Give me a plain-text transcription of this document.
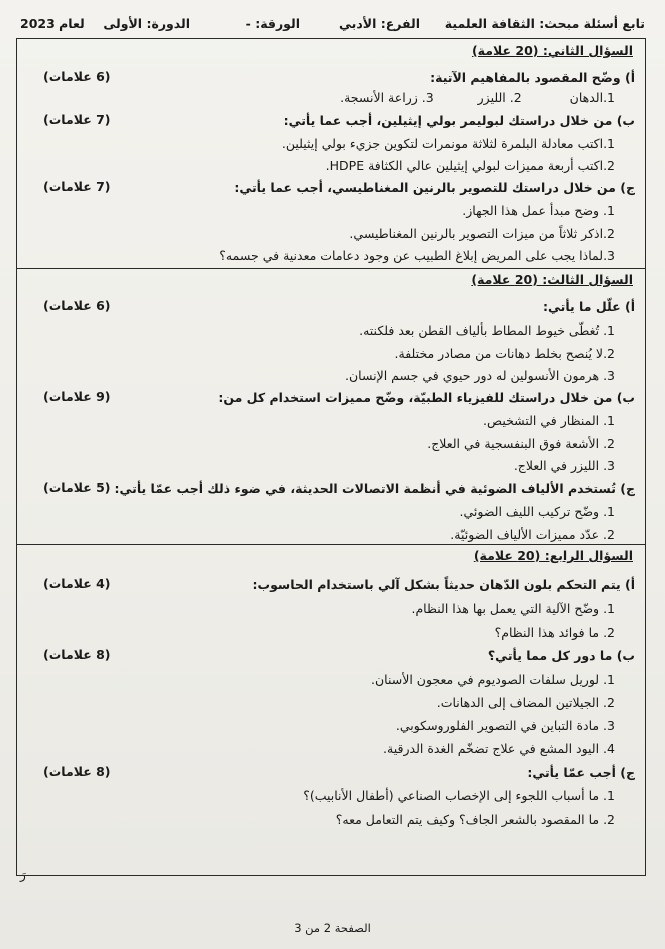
تابع أسئلة مبحث: الثقافة العلمية
الفرع: الأدبي
الورقة: -
الدورة: الأولى
لعام 2023
السؤال الثاني: (20 علامة)
أ) وضّح المقصود بالمفاهيم الآتية:
(6 علامات)
1.الدهان  2. الليزر  3. زراعة الأنسجة.
ب) من خلال دراستك لبوليمر بولي إيثيلين، أجب عما يأتي:
(7 علامات)
1.اكتب معادلة البلمرة لثلاثة مونمرات لتكوين جزيء بولي إيثيلين.
2.اكتب أربعة مميزات لبولي إيثيلين عالي الكثافة HDPE.
ج) من خلال دراستك للتصوير بالرنين المغناطيسي، أجب عما يأتي:
(7 علامات)
1. وضح مبدأ عمل هذا الجهاز.
2.اذكر ثلاثاً من ميزات التصوير بالرنين المغناطيسي.
3.لماذا يجب على المريض إبلاغ الطبيب عن وجود دعامات معدنية في جسمه؟
السؤال الثالث: (20 علامة)
أ) علّل ما يأتي:
(6 علامات)
1. تُغطّى خيوط المطاط بألياف القطن بعد فلكنته.
2.لا يُنصح بخلط دهانات من مصادر مختلفة.
3. هرمون الأنسولين له دور حيوي في جسم الإنسان.
ب) من خلال دراستك للفيزياء الطبيّة، وضّح مميزات استخدام كل من:
(9 علامات)
1. المنظار في التشخيص.
2. الأشعة فوق البنفسجية في العلاج.
3. الليزر في العلاج.
ج) تُستخدم الألياف الضوئية في أنظمة الاتصالات الحديثة، في ضوء ذلك أجب عمّا يأتي:
(5 علامات)
1. وضّح تركيب الليف الضوئي.
2. عدّد مميزات الألياف الضوئيّة.
السؤال الرابع: (20 علامة)
أ) يتم التحكم بلون الدّهان حديثاً بشكل آلي باستخدام الحاسوب:
(4 علامات)
1. وضّح الآلية التي يعمل بها هذا النظام.
2. ما فوائد هذا النظام؟
ب) ما دور كل مما يأتي؟
(8 علامات)
1. لوريل سلفات الصوديوم في معجون الأسنان.
2. الجيلاتين المضاف إلى الدهانات.
3. مادة التباين في التصوير الفلوروسكوبي.
4. اليود المشع في علاج تضخّم الغدة الدرقية.
ج) أجب عمّا يأتي:
(8 علامات)
1. ما أسباب اللجوء إلى الإخصاب الصناعي (أطفال الأنابيب)؟
2. ما المقصود بالشعر الجاف؟ وكيف يتم التعامل معه؟
رَ
الصفحة 2 من 3
